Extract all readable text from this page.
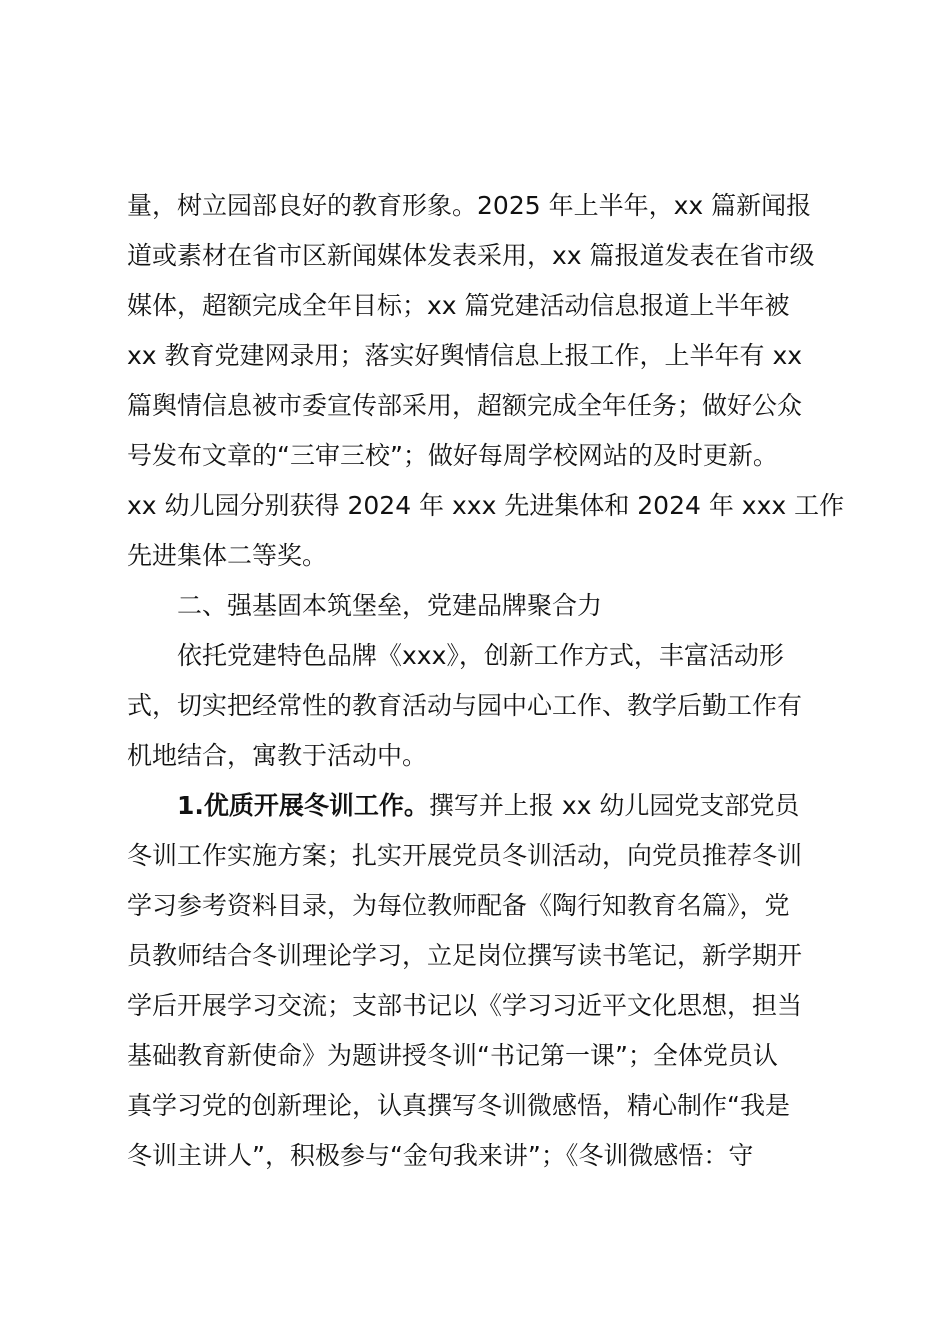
量，树立园部良好的教育形象。2025 年上半年，xx 篇新闻报
道或素材在省市区新闻媒体发表采用，xx 篇报道发表在省市级
媒体，超额完成全年目标；xx 篇党建活动信息报道上半年被
xx 教育党建网录用；落实好舆情信息上报工作，上半年有 xx
篇舆情信息被市委宣传部采用，超额完成全年任务；做好公众
号发布文章的“三审三校”；做好每周学校网站的及时更新。
xx 幼儿园分别获得 2024 年 xxx 先进集体和 2024 年 xxx 工作
先进集体二等奖。
二、强基固本筑堡垒，党建品牌聚合力
依托党建特色品牌《xxx》，创新工作方式，丰富活动形
式，切实把经常性的教育活动与园中心工作、教学后勤工作有
机地结合，寓教于活动中。
1.优质开展冬训工作。撰写并上报 xx 幼儿园党支部党员
冬训工作实施方案；扎实开展党员冬训活动，向党员推荐冬训
学习参考资料目录，为每位教师配备《陶行知教育名篇》，党
员教师结合冬训理论学习，立足岗位撰写读书笔记，新学期开
学后开展学习交流；支部书记以《学习习近平文化思想，担当
基础教育新使命》为题讲授冬训“书记第一课”；全体党员认
真学习党的创新理论，认真撰写冬训微感悟，精心制作“我是
冬训主讲人”，积极参与“金句我来讲”；《冬训微感悟：守
